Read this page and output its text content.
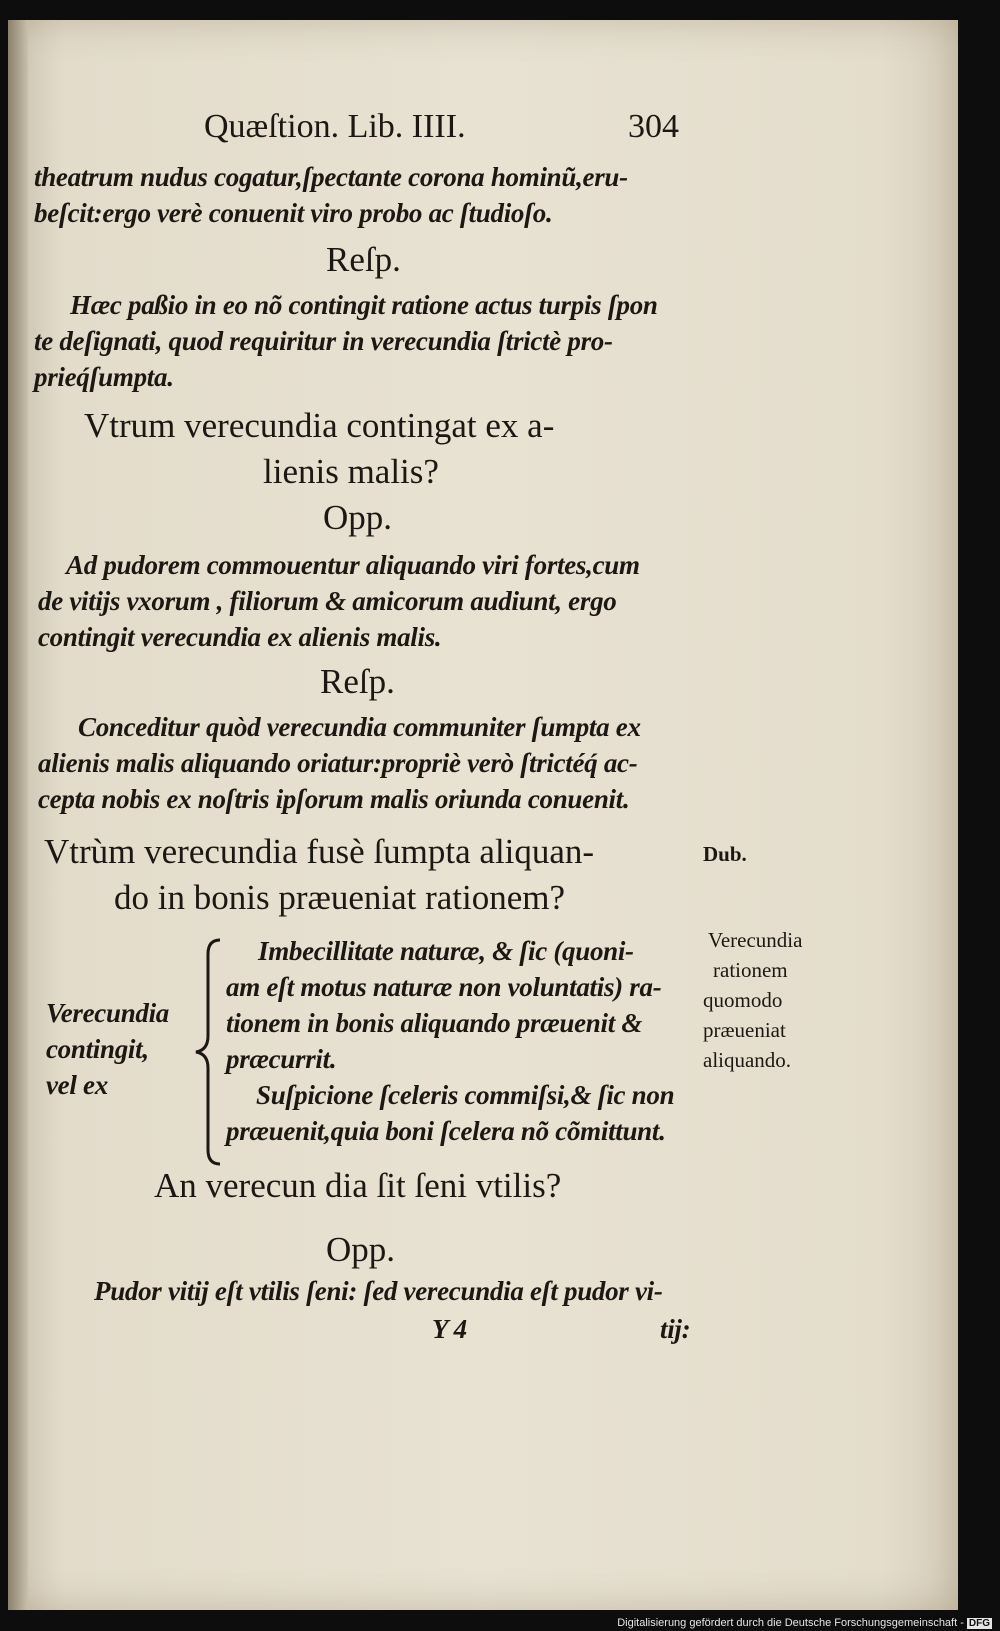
Quæſtion. Lib. IIII.	304
theatrum nudus cogatur,ſpectante corona hominũ,eru-
beſcit:ergo verè conuenit viro probo ac ſtudioſo.
Reſp.
Hæc paßio in eo nõ contingit ratione actus turpis ſpon
te deſignati, quod requiritur in verecundia ſtrictè pro-
prieq́ſumpta.
Vtrum verecundia contingat ex a-
lienis malis?
Opp.
Ad pudorem commouentur aliquando viri fortes,cum
de vitijs vxorum , filiorum & amicorum audiunt, ergo
contingit verecundia ex alienis malis.
Reſp.
Conceditur quòd verecundia communiter ſumpta ex
alienis malis aliquando oriatur:propriè verò ſtrictéq́ ac-
cepta nobis ex noſtris ipſorum malis oriunda conuenit.
Vtrùm verecundia fusè ſumpta aliquan-
do in bonis præueniat rationem?
Dub.
Verecundia
contingit,
vel ex
Imbecillitate naturæ, & ſic (quoni-
am eſt motus naturæ non voluntatis) ra-
tionem in bonis aliquando præuenit &
præcurrit.
Suſpicione ſceleris commiſsi,& ſic non
præuenit,quia boni ſcelera nõ cõmittunt.
Verecundia
rationem
quomodo
præueniat
aliquando.
An verecun dia ſit ſeni vtilis?
Opp.
Pudor vitij eſt vtilis ſeni: ſed verecundia eſt pudor vi-
Y 4	tij:
Digitalisierung gefördert durch die Deutsche Forschungsgemeinschaft - DFG
